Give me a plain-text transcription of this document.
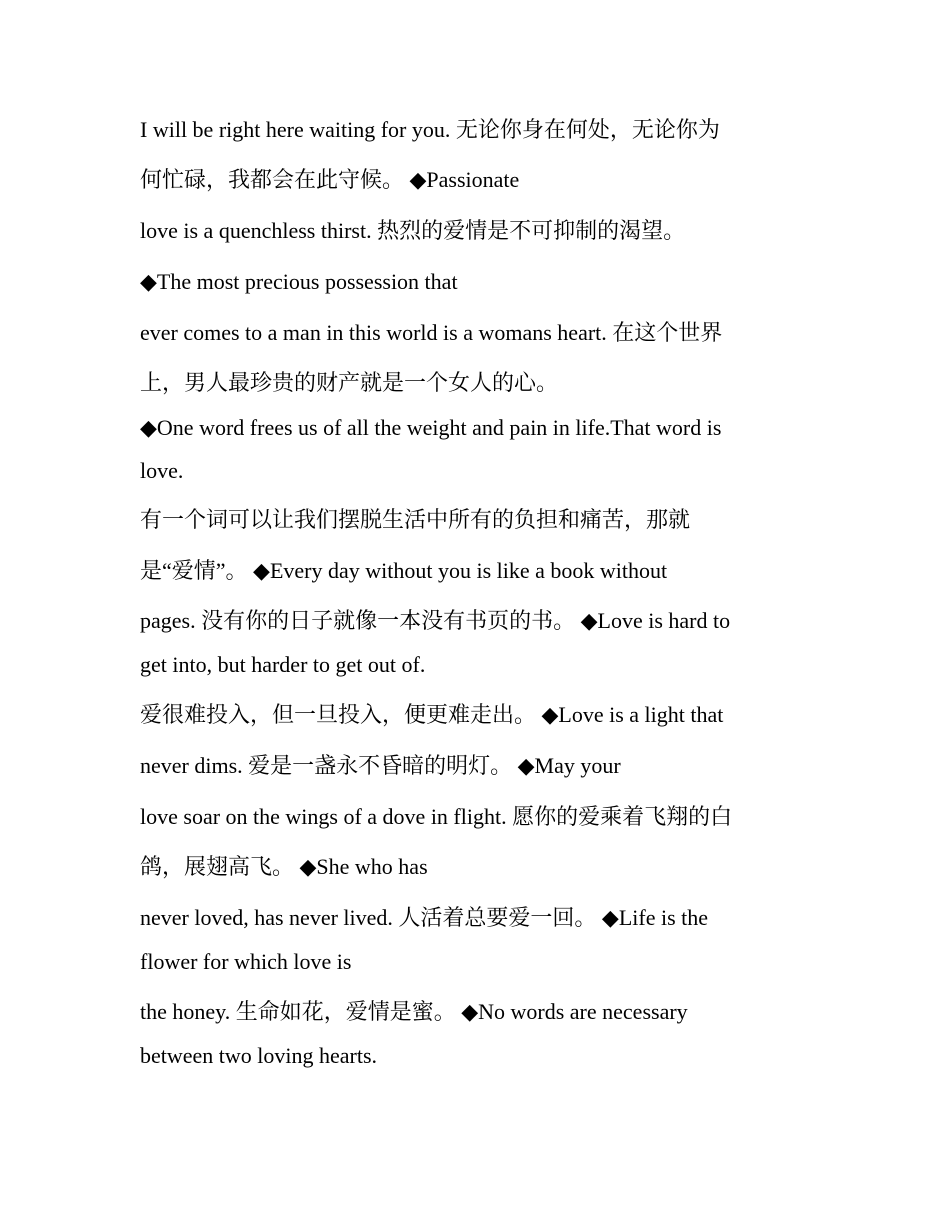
I will be right here waiting for you. 无论你身在何处，无论你为
何忙碌，我都会在此守候。 ◆Passionate
love is a quenchless thirst. 热烈的爱情是不可抑制的渴望。
◆The most precious possession that
ever comes to a man in this world is a womans heart. 在这个世界
上，男人最珍贵的财产就是一个女人的心。
◆One word frees us of all the weight and pain in life.That word is
love.
有一个词可以让我们摆脱生活中所有的负担和痛苦，那就
是“爱情”。 ◆Every day without you is like a book without
pages. 没有你的日子就像一本没有书页的书。 ◆Love is hard to
get into, but harder to get out of.
爱很难投入，但一旦投入，便更难走出。 ◆Love is a light that
never dims. 爱是一盏永不昏暗的明灯。 ◆May your
love soar on the wings of a dove in flight. 愿你的爱乘着飞翔的白
鸽，展翅高飞。 ◆She who has
never loved, has never lived. 人活着总要爱一回。 ◆Life is the
flower for which love is
the honey. 生命如花，爱情是蜜。 ◆No words are necessary
between two loving hearts.
